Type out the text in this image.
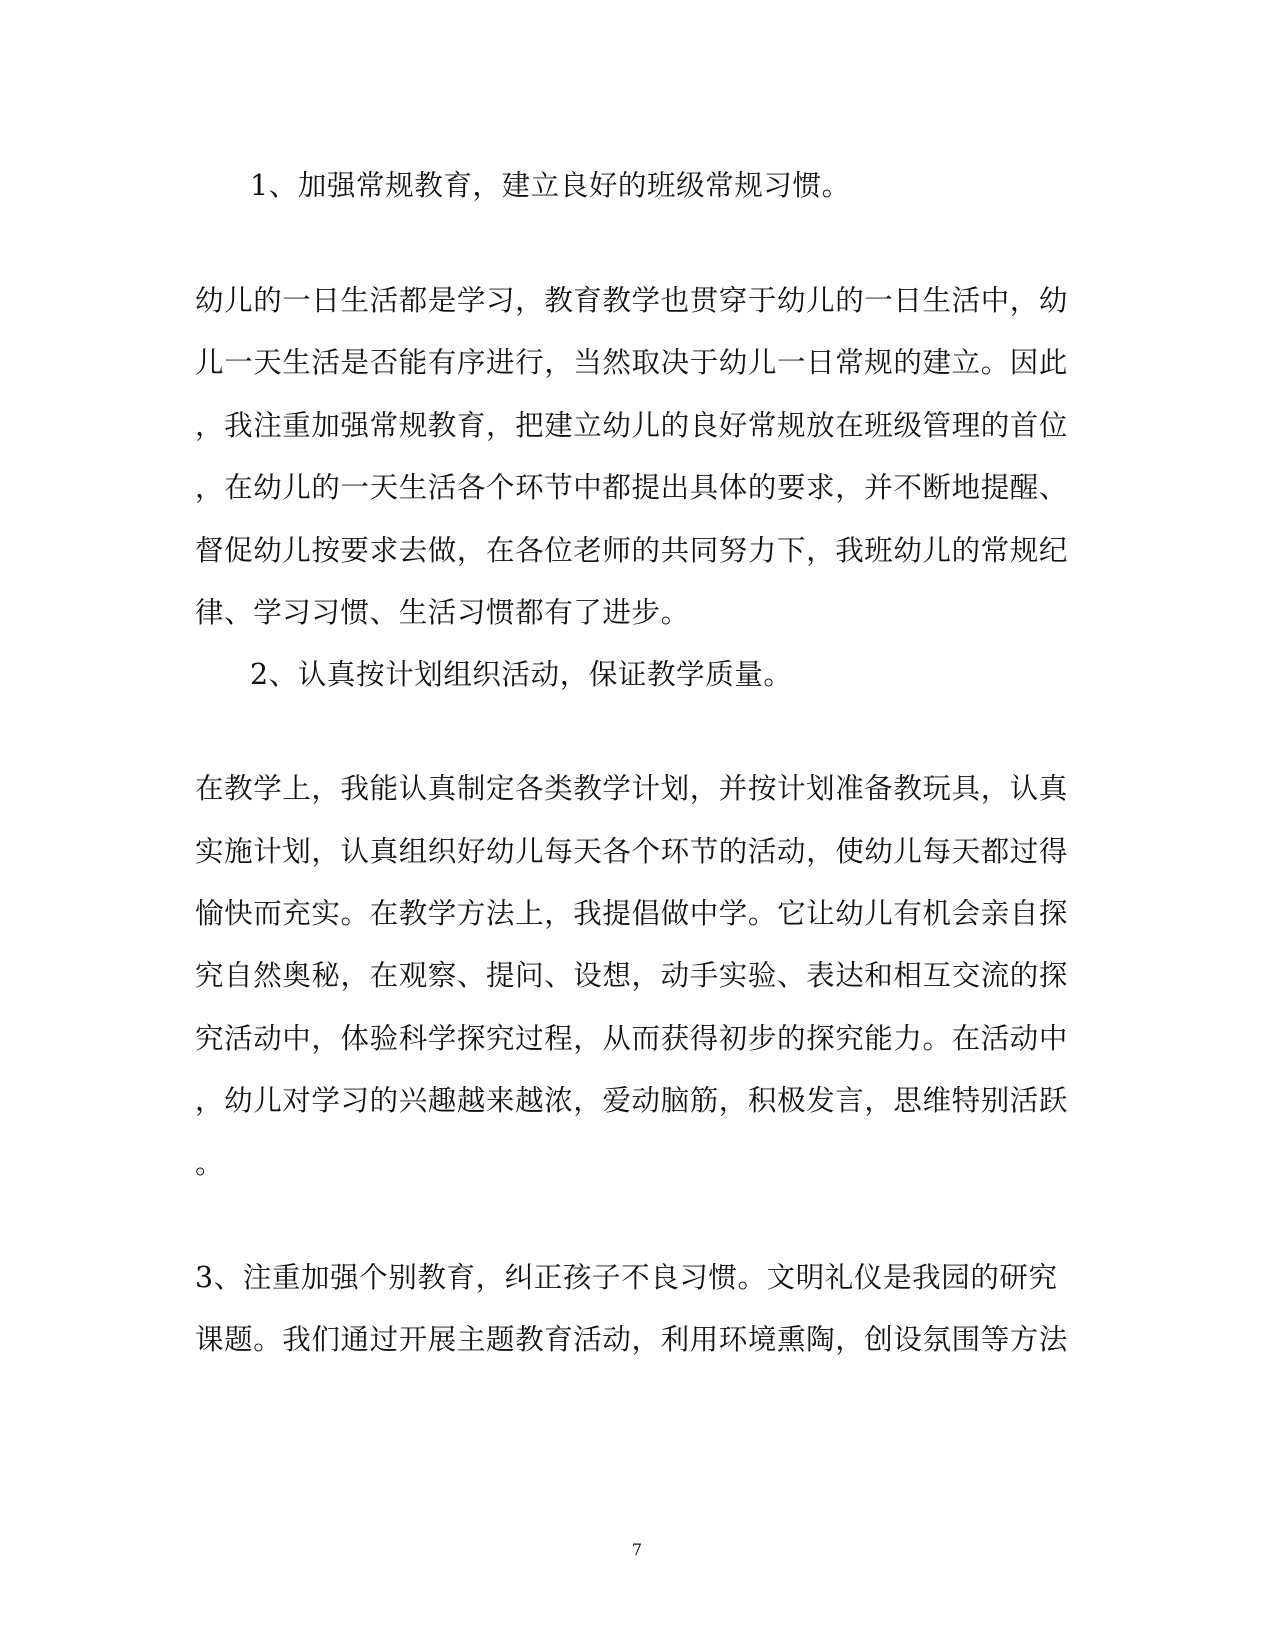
1、加强常规教育，建立良好的班级常规习惯。
幼儿的一日生活都是学习，教育教学也贯穿于幼儿的一日生活中，幼
儿一天生活是否能有序进行，当然取决于幼儿一日常规的建立。因此
，我注重加强常规教育，把建立幼儿的良好常规放在班级管理的首位
，在幼儿的一天生活各个环节中都提出具体的要求，并不断地提醒、
督促幼儿按要求去做，在各位老师的共同努力下，我班幼儿的常规纪
律、学习习惯、生活习惯都有了进步。
2、认真按计划组织活动，保证教学质量。
在教学上，我能认真制定各类教学计划，并按计划准备教玩具，认真
实施计划，认真组织好幼儿每天各个环节的活动，使幼儿每天都过得
愉快而充实。在教学方法上，我提倡做中学。它让幼儿有机会亲自探
究自然奥秘，在观察、提问、设想，动手实验、表达和相互交流的探
究活动中，体验科学探究过程，从而获得初步的探究能力。在活动中
，幼儿对学习的兴趣越来越浓，爱动脑筋，积极发言，思维特别活跃
。
3、注重加强个别教育，纠正孩子不良习惯。文明礼仪是我园的研究
课题。我们通过开展主题教育活动，利用环境熏陶，创设氛围等方法
7
